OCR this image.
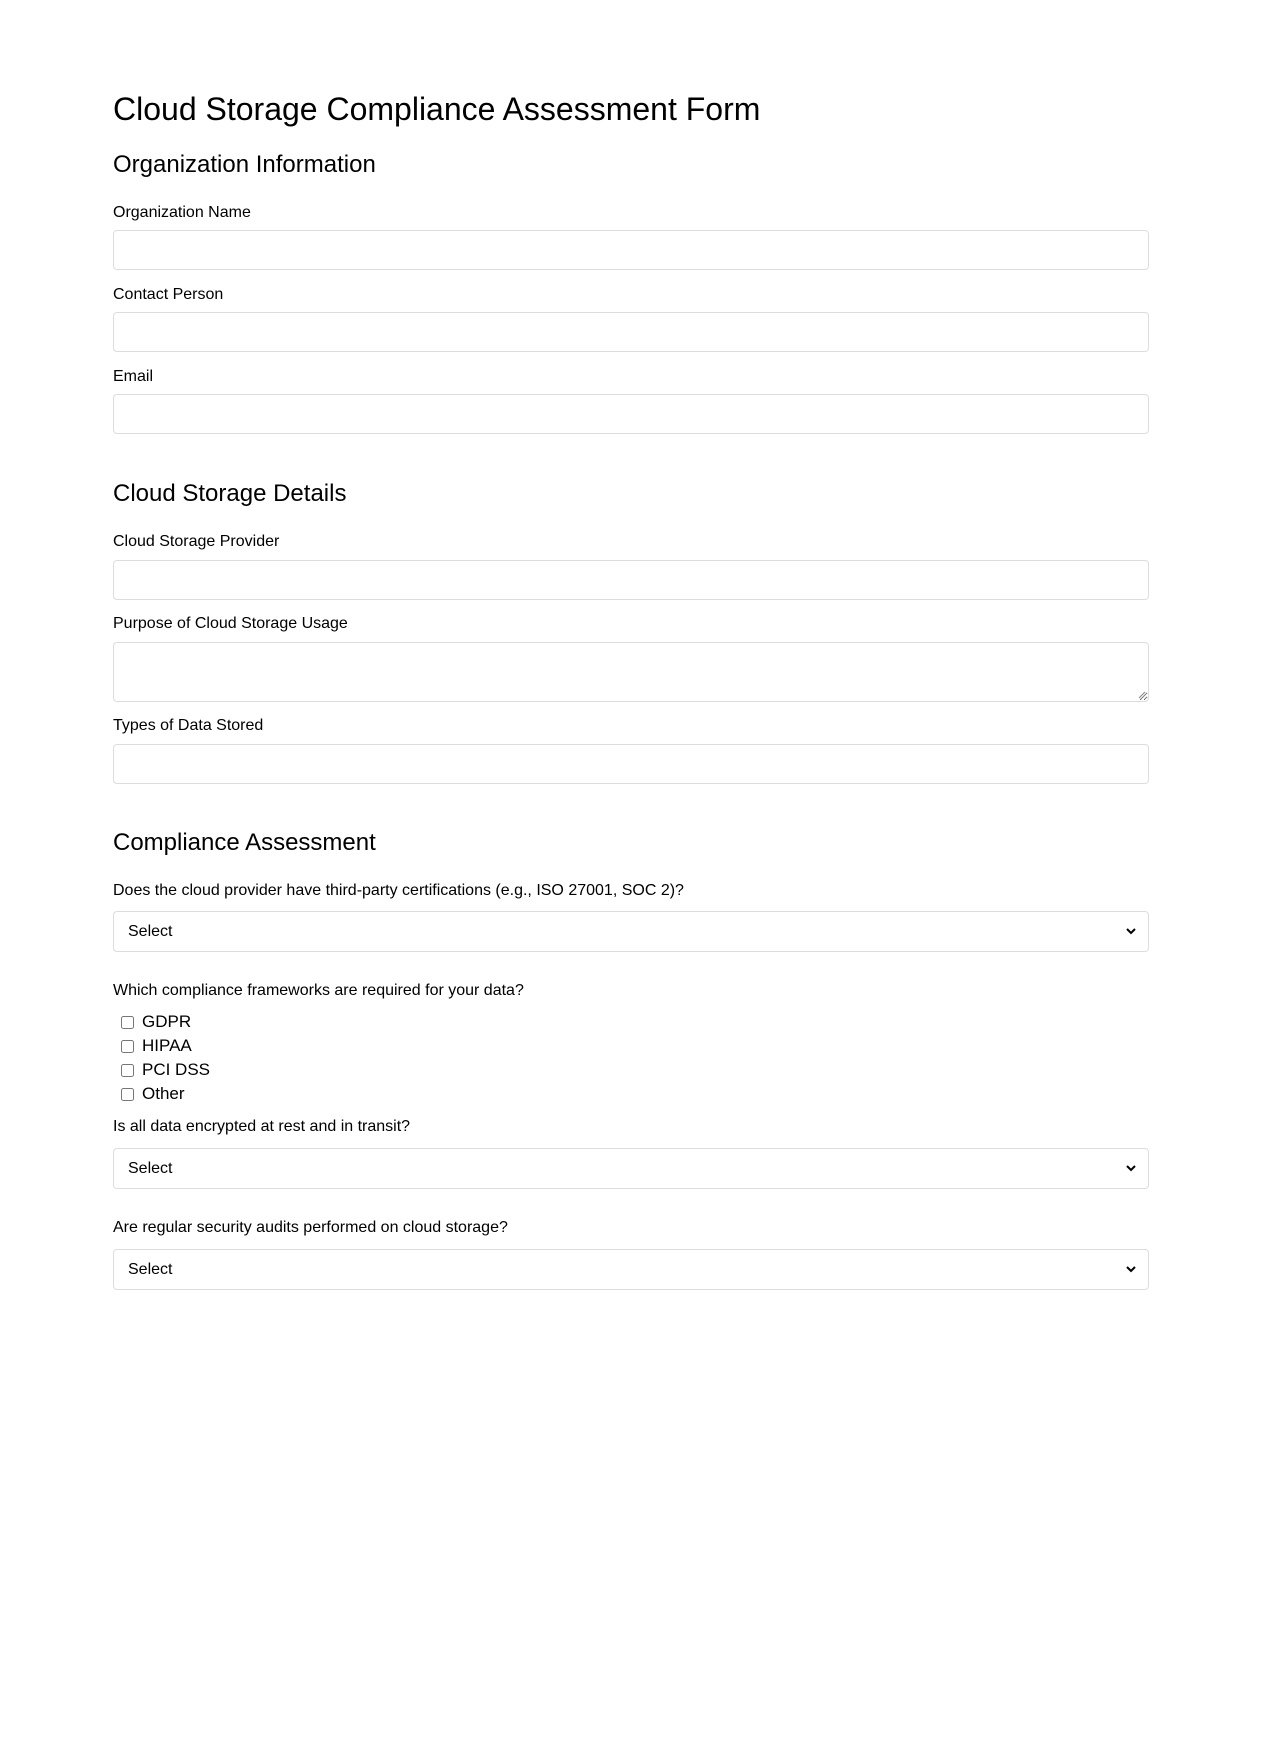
Cloud Storage Compliance Assessment Form
Organization Information
Organization Name
Contact Person
Email
Cloud Storage Details
Cloud Storage Provider
Purpose of Cloud Storage Usage
Types of Data Stored
Compliance Assessment
Does the cloud provider have third-party certifications (e.g., ISO 27001, SOC 2)?
Select
Which compliance frameworks are required for your data?
GDPR
HIPAA
PCI DSS
Other
Is all data encrypted at rest and in transit?
Select
Are regular security audits performed on cloud storage?
Select
